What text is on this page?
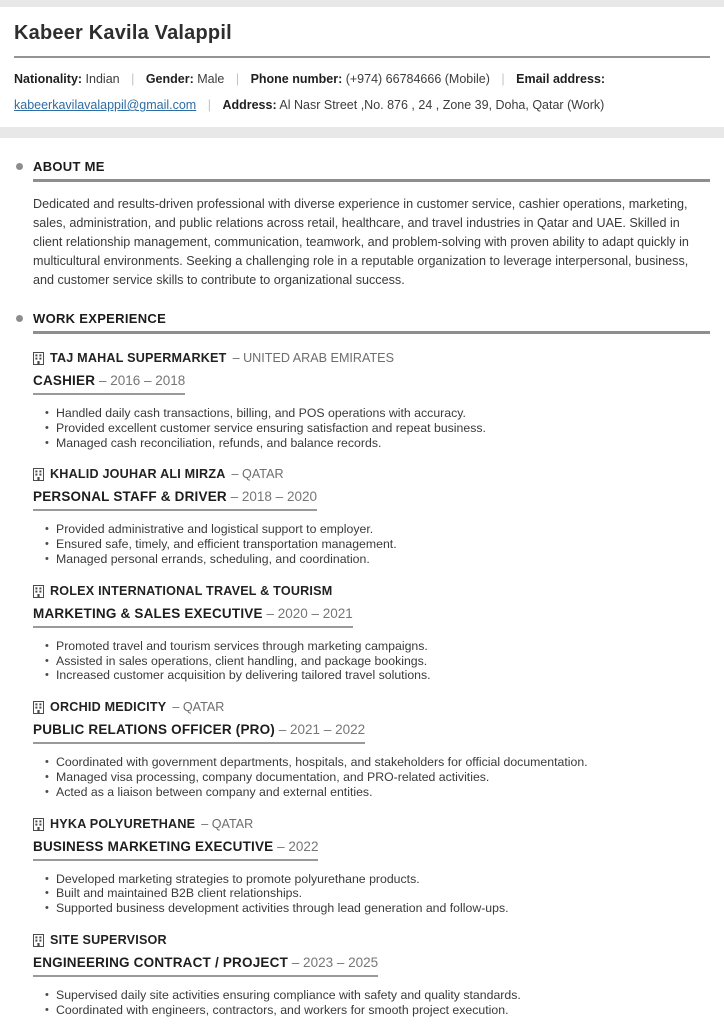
Kabeer Kavila Valappil
Nationality: Indian | Gender: Male | Phone number: (+974) 66784666 (Mobile) | Email address:
kabeerkavilavalappil@gmail.com | Address: Al Nasr Street ,No. 876 , 24 , Zone 39, Doha, Qatar (Work)
ABOUT ME

Dedicated and results-driven professional with diverse experience in customer service, cashier operations, marketing, sales, administration, and public relations across retail, healthcare, and travel industries in Qatar and UAE. Skilled in client relationship management, communication, teamwork, and problem-solving with proven ability to adapt quickly in multicultural environments. Seeking a challenging role in a reputable organization to leverage interpersonal, business, and customer service skills to contribute to organizational success.

WORK EXPERIENCE
TAJ MAHAL SUPERMARKET – UNITED ARAB EMIRATES
CASHIER – 2016 – 2018
• Handled daily cash transactions, billing, and POS operations with accuracy.
• Provided excellent customer service ensuring satisfaction and repeat business.
• Managed cash reconciliation, refunds, and balance records.
KHALID JOUHAR ALI MIRZA – QATAR
PERSONAL STAFF & DRIVER – 2018 – 2020
• Provided administrative and logistical support to employer.
• Ensured safe, timely, and efficient transportation management.
• Managed personal errands, scheduling, and coordination.
ROLEX INTERNATIONAL TRAVEL & TOURISM
MARKETING & SALES EXECUTIVE – 2020 – 2021
• Promoted travel and tourism services through marketing campaigns.
• Assisted in sales operations, client handling, and package bookings.
• Increased customer acquisition by delivering tailored travel solutions.
ORCHID MEDICITY – QATAR
PUBLIC RELATIONS OFFICER (PRO) – 2021 – 2022
• Coordinated with government departments, hospitals, and stakeholders for official documentation.
• Managed visa processing, company documentation, and PRO-related activities.
• Acted as a liaison between company and external entities.
HYKA POLYURETHANE – QATAR
BUSINESS MARKETING EXECUTIVE – 2022
• Developed marketing strategies to promote polyurethane products.
• Built and maintained B2B client relationships.
• Supported business development activities through lead generation and follow-ups.
SITE SUPERVISOR
ENGINEERING CONTRACT / PROJECT – 2023 – 2025
• Supervised daily site activities ensuring compliance with safety and quality standards.
• Coordinated with engineers, contractors, and workers for smooth project execution.
